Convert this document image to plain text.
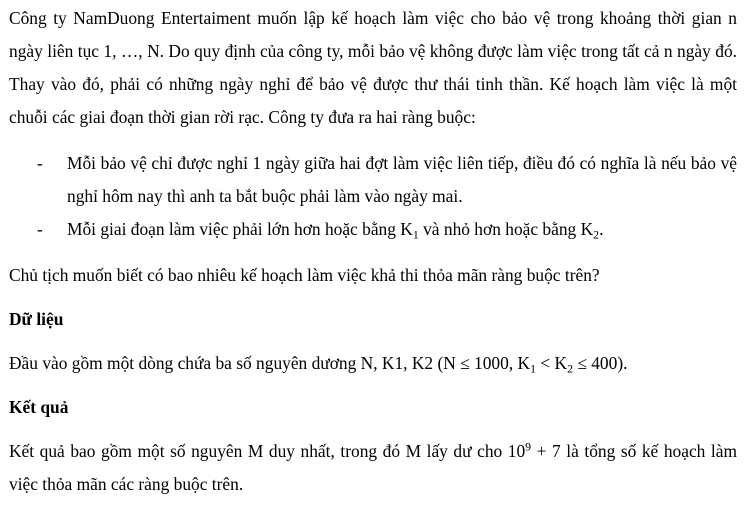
Công ty NamDuong Entertaiment muốn lập kế hoạch làm việc cho bảo vệ trong khoảng thời gian n ngày liên tục 1, …, N. Do quy định của công ty, mỗi bảo vệ không được làm việc trong tất cả n ngày đó. Thay vào đó, phải có những ngày nghỉ để bảo vệ được thư thái tinh thần. Kế hoạch làm việc là một chuỗi các giai đoạn thời gian rời rạc. Công ty đưa ra hai ràng buộc:

- Mỗi bảo vệ chỉ được nghỉ 1 ngày giữa hai đợt làm việc liên tiếp, điều đó có nghĩa là nếu bảo vệ nghỉ hôm nay thì anh ta bắt buộc phải làm vào ngày mai.
- Mỗi giai đoạn làm việc phải lớn hơn hoặc bằng $K_1$ và nhỏ hơn hoặc bằng $K_2$.

Chủ tịch muốn biết có bao nhiêu kế hoạch làm việc khả thi thỏa mãn ràng buộc trên?

Dữ liệu

Đầu vào gồm một dòng chứa ba số nguyên dương N, K1, K2 (N ≤ 1000, $K_1 < K_2 \le 400$).

Kết quả

Kết quả bao gồm một số nguyên M duy nhất, trong đó M lấy dư cho $10^9 + 7$ là tổng số kế hoạch làm việc thỏa mãn các ràng buộc trên.
